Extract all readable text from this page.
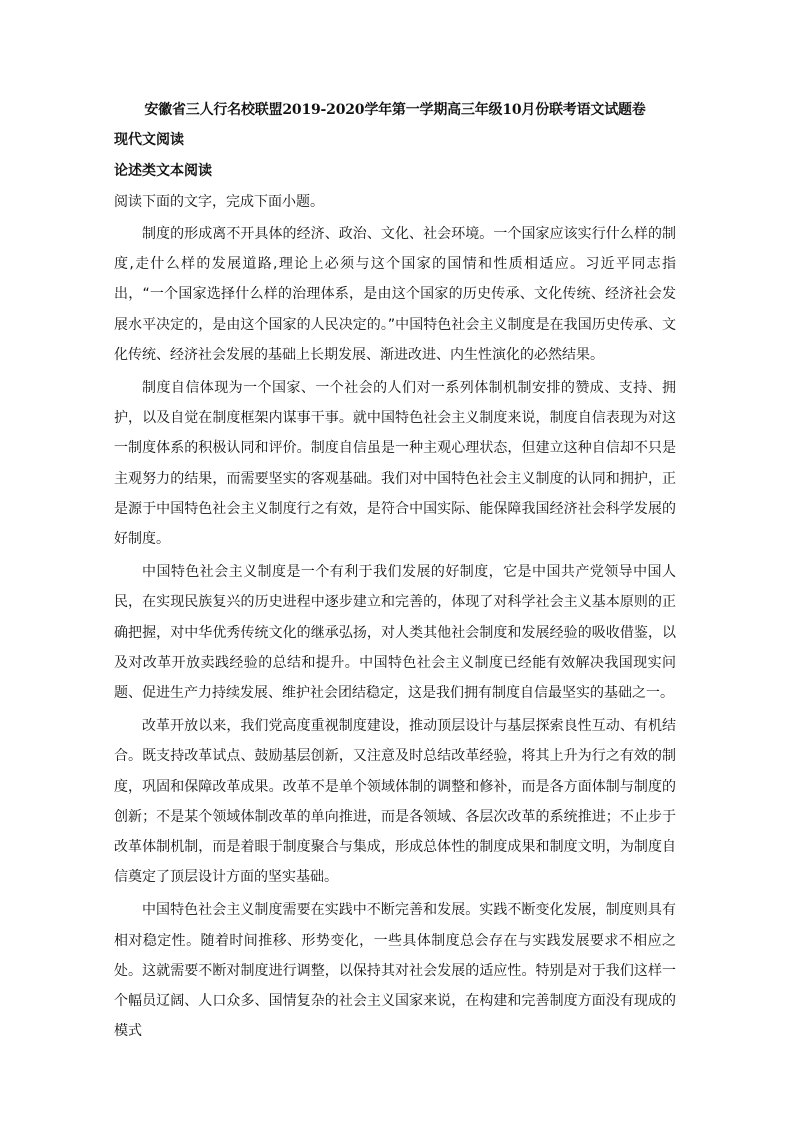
安徽省三人行名校联盟2019-2020学年第一学期高三年级10月份联考语文试题卷

现代文阅读

论述类文本阅读

阅读下面的文字，完成下面小题。

制度的形成离不开具体的经济、政治、文化、社会环境。一个国家应该实行什么样的制度,走什么样的发展道路,理论上必须与这个国家的国情和性质相适应。习近平同志指出，“一个国家选择什么样的治理体系，是由这个国家的历史传承、文化传统、经济社会发展水平决定的，是由这个国家的人民决定的。”中国特色社会主义制度是在我国历史传承、文化传统、经济社会发展的基础上长期发展、渐进改进、内生性演化的必然结果。

制度自信体现为一个国家、一个社会的人们对一系列体制机制安排的赞成、支持、拥护，以及自觉在制度框架内谋事干事。就中国特色社会主义制度来说，制度自信表现为对这一制度体系的积极认同和评价。制度自信虽是一种主观心理状态，但建立这种自信却不只是主观努力的结果，而需要坚实的客观基础。我们对中国特色社会主义制度的认同和拥护，正是源于中国特色社会主义制度行之有效，是符合中国实际、能保障我国经济社会科学发展的好制度。

中国特色社会主义制度是一个有利于我们发展的好制度，它是中国共产党领导中国人民，在实现民族复兴的历史进程中逐步建立和完善的，体现了对科学社会主义基本原则的正确把握，对中华优秀传统文化的继承弘扬，对人类其他社会制度和发展经验的吸收借鉴，以及对改革开放卖践经验的总结和提升。中国特色社会主义制度已经能有效解决我国现实问题、促进生产力持续发展、维护社会团结稳定，这是我们拥有制度自信最坚实的基础之一。

改革开放以来，我们党高度重视制度建设，推动顶层设计与基层探索良性互动、有机结合。既支持改革试点、鼓励基层创新，又注意及时总结改革经验，将其上升为行之有效的制度，巩固和保障改革成果。改革不是单个领域体制的调整和修补，而是各方面体制与制度的创新；不是某个领域体制改革的单向推进，而是各领域、各层次改革的系统推进；不止步于改革体制机制，而是着眼于制度聚合与集成，形成总体性的制度成果和制度文明，为制度自信奠定了顶层设计方面的坚实基础。

中国特色社会主义制度需要在实践中不断完善和发展。实践不断变化发展，制度则具有相对稳定性。随着时间推移、形势变化，一些具体制度总会存在与实践发展要求不相应之处。这就需要不断对制度进行调整，以保持其对社会发展的适应性。特别是对于我们这样一个幅员辽阔、人口众多、国情复杂的社会主义国家来说，在构建和完善制度方面没有现成的模式
